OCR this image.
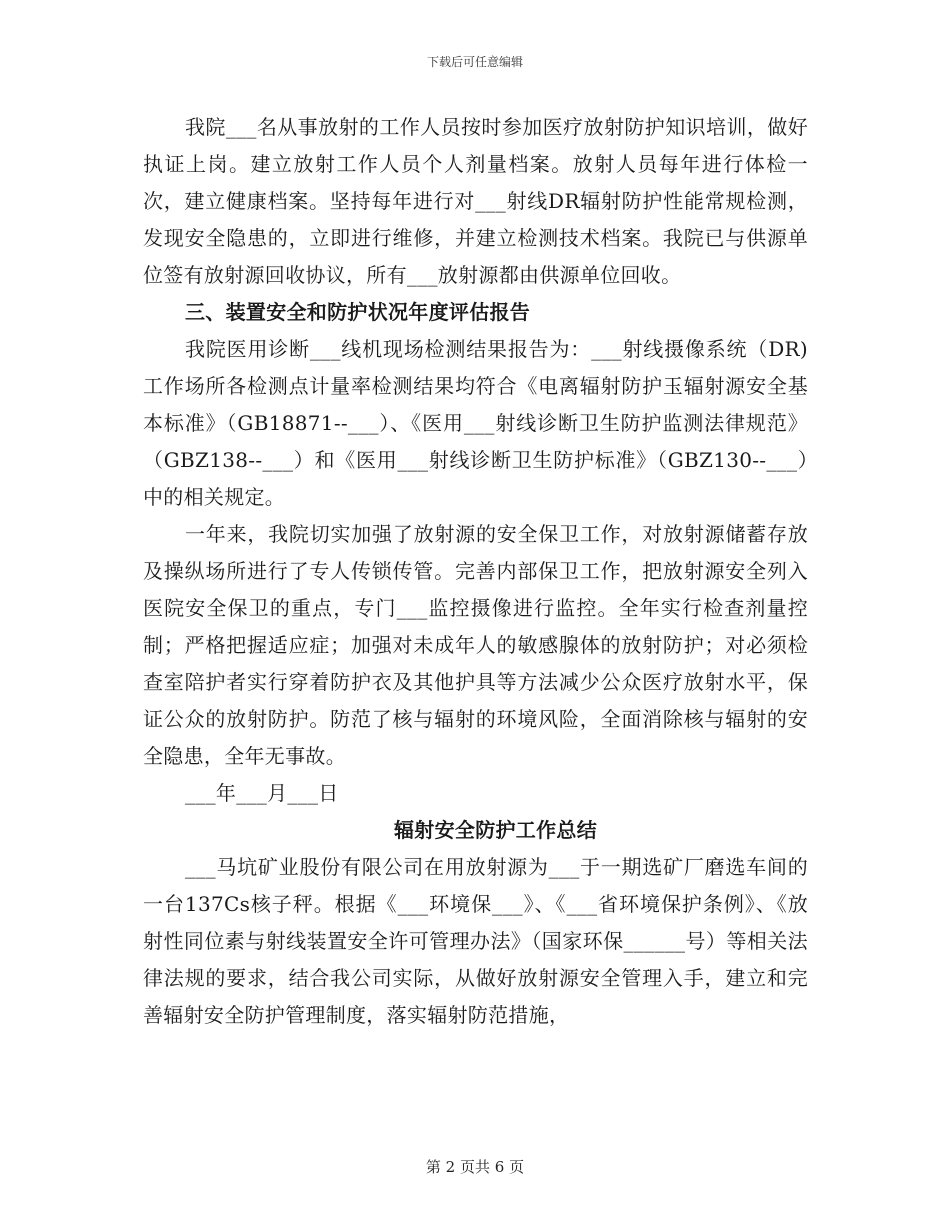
下载后可任意编辑

我院___名从事放射的工作人员按时参加医疗放射防护知识培训，做好执证上岗。建立放射工作人员个人剂量档案。放射人员每年进行体检一次，建立健康档案。坚持每年进行对___射线DR辐射防护性能常规检测，发现安全隐患的，立即进行维修，并建立检测技术档案。我院已与供源单位签有放射源回收协议，所有___放射源都由供源单位回收。

三、装置安全和防护状况年度评估报告

我院医用诊断___线机现场检测结果报告为：___射线摄像系统（DR)工作场所各检测点计量率检测结果均符合《电离辐射防护玉辐射源安全基本标准》（GB18871--___）、《医用___射线诊断卫生防护监测法律规范》（GBZ138--___）和《医用___射线诊断卫生防护标准》（GBZ130--___）中的相关规定。

一年来，我院切实加强了放射源的安全保卫工作，对放射源储蓄存放及操纵场所进行了专人传锁传管。完善内部保卫工作，把放射源安全列入医院安全保卫的重点，专门___监控摄像进行监控。全年实行检查剂量控制；严格把握适应症；加强对未成年人的敏感腺体的放射防护；对必须检查室陪护者实行穿着防护衣及其他护具等方法减少公众医疗放射水平，保证公众的放射防护。防范了核与辐射的环境风险，全面消除核与辐射的安全隐患，全年无事故。

___年___月___日

辐射安全防护工作总结

___马坑矿业股份有限公司在用放射源为___于一期选矿厂磨选车间的一台137Cs核子秤。根据《___环境保___》、《___省环境保护条例》、《放射性同位素与射线装置安全许可管理办法》（国家环保______号）等相关法律法规的要求，结合我公司实际，从做好放射源安全管理入手，建立和完善辐射安全防护管理制度，落实辐射防范措施，

第 2 页共 6 页
